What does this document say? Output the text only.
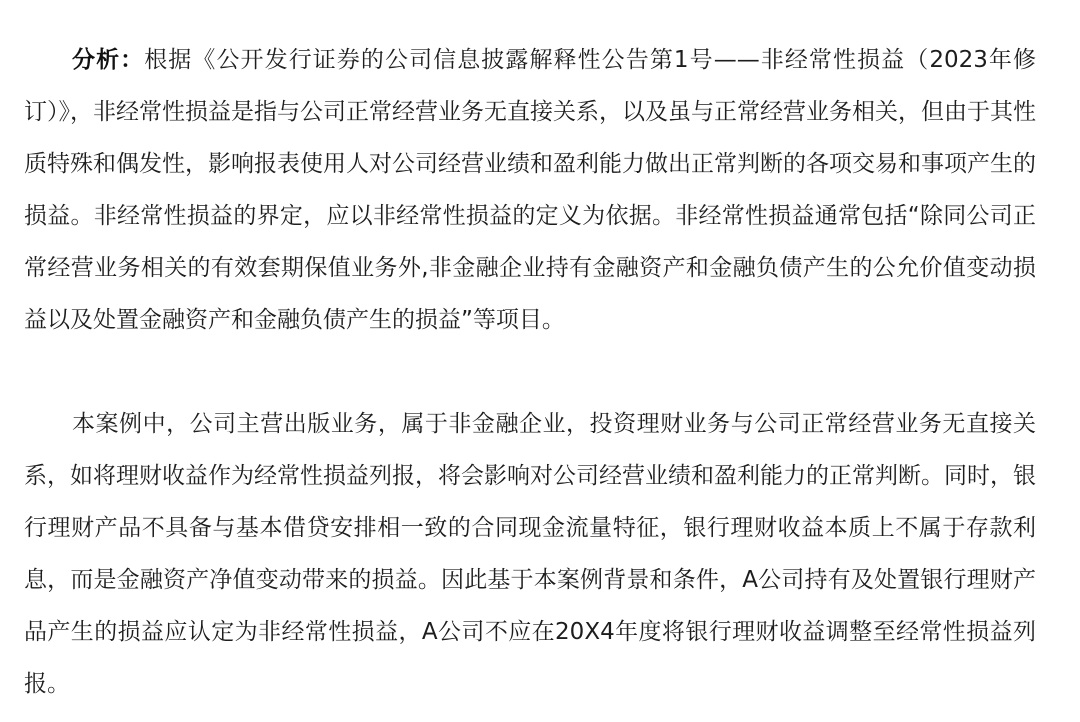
分析：根据《公开发行证券的公司信息披露解释性公告第1号——非经常性损益（2023年修订）》，非经常性损益是指与公司正常经营业务无直接关系，以及虽与正常经营业务相关，但由于其性质特殊和偶发性，影响报表使用人对公司经营业绩和盈利能力做出正常判断的各项交易和事项产生的损益。非经常性损益的界定，应以非经常性损益的定义为依据。非经常性损益通常包括“除同公司正常经营业务相关的有效套期保值业务外,非金融企业持有金融资产和金融负债产生的公允价值变动损益以及处置金融资产和金融负债产生的损益”等项目。

本案例中，公司主营出版业务，属于非金融企业，投资理财业务与公司正常经营业务无直接关系，如将理财收益作为经常性损益列报，将会影响对公司经营业绩和盈利能力的正常判断。同时，银行理财产品不具备与基本借贷安排相一致的合同现金流量特征，银行理财收益本质上不属于存款利息，而是金融资产净值变动带来的损益。因此基于本案例背景和条件，A公司持有及处置银行理财产品产生的损益应认定为非经常性损益，A公司不应在20X4年度将银行理财收益调整至经常性损益列报。
